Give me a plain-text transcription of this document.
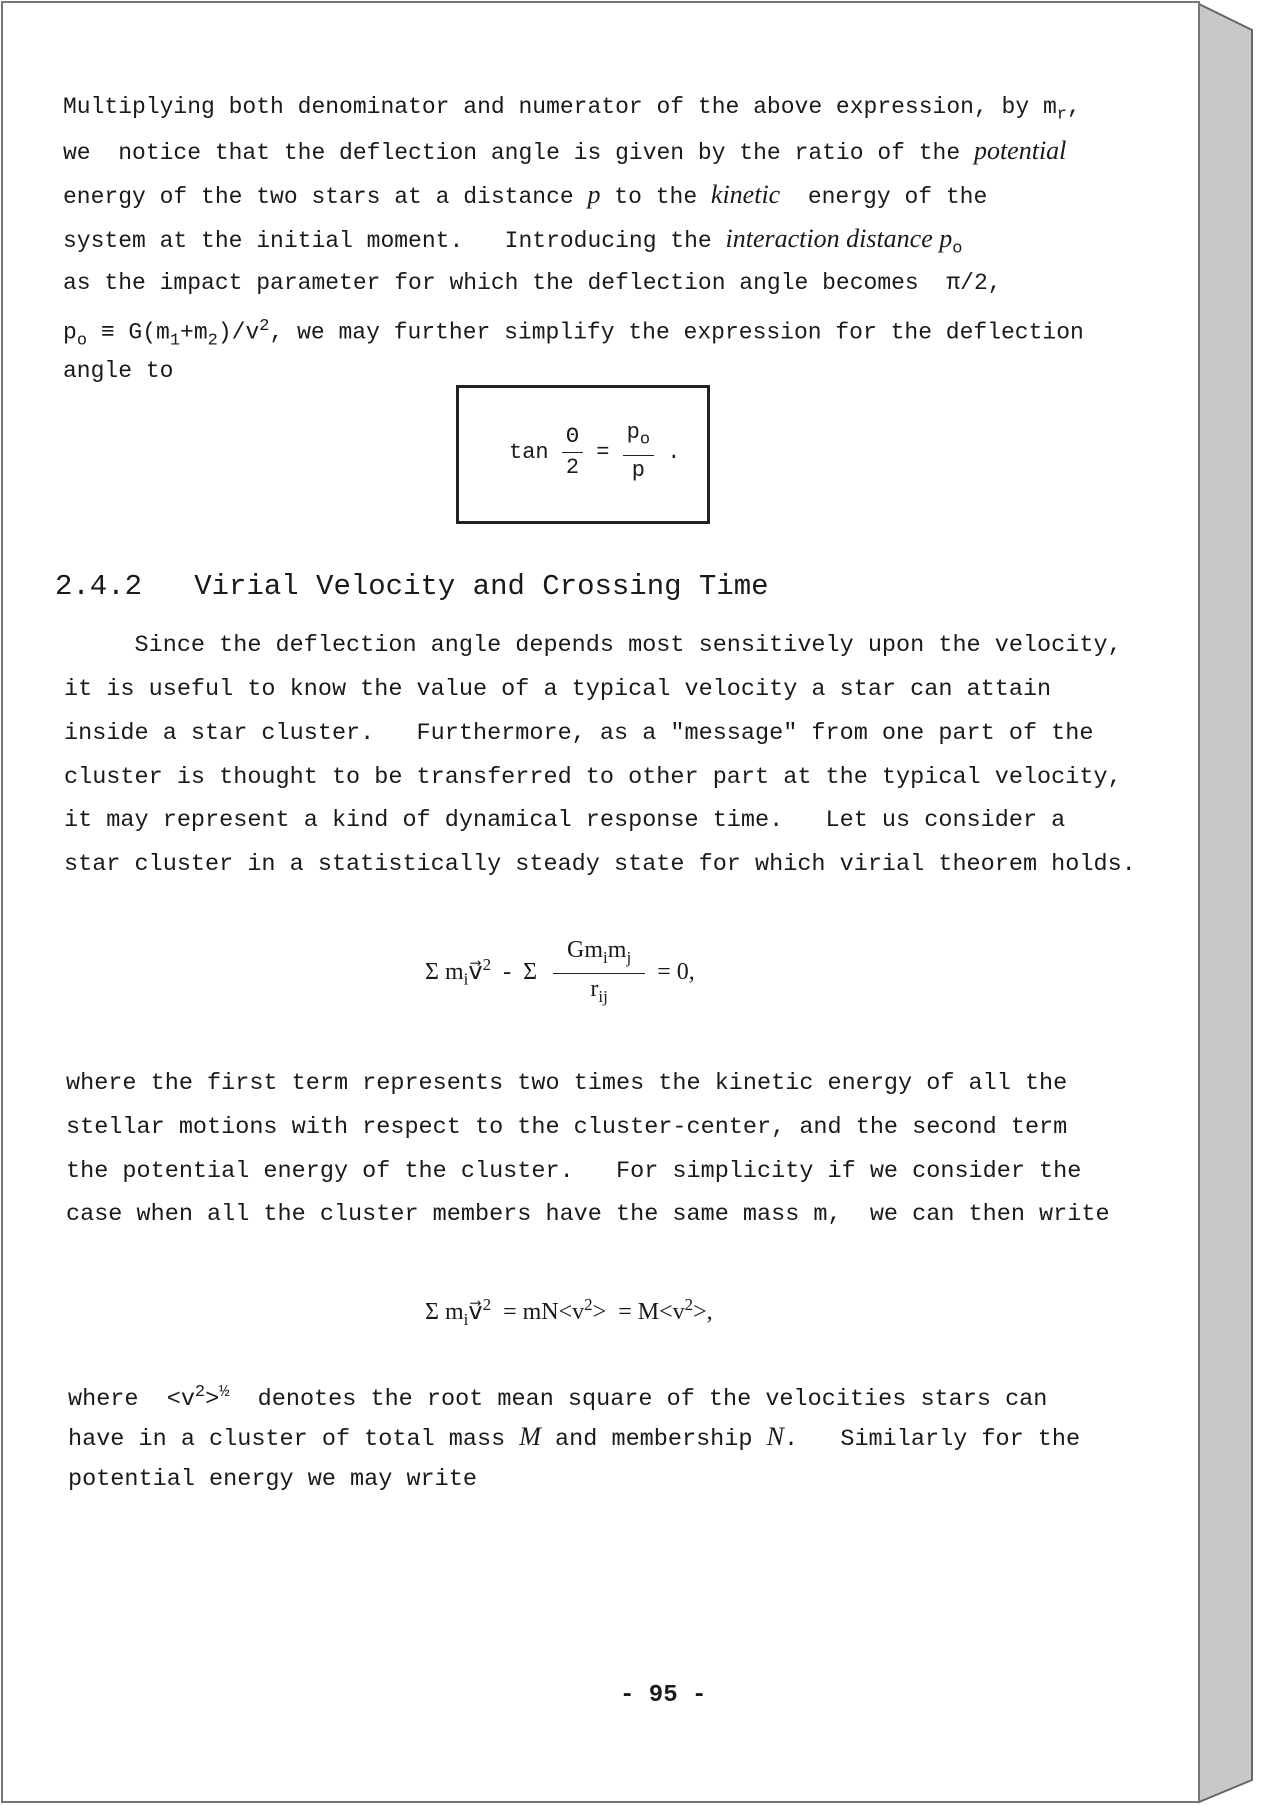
Multiplying both denominator and numerator of the above expression, by $m_r$,
we  notice that the deflection angle is given by the ratio of the potential
energy of the two stars at a distance p to the kinetic  energy of the
system at the initial moment.   Introducing the interaction distance $p_o$
as the impact parameter for which the deflection angle becomes  π/2,
$p_o \equiv G(m_1+m_2)/v^2$, we may further simplify the expression for the deflection
angle to
$\tan \frac{\Theta}{2} = \frac{p_o}{p}$ .
2.4.2 Virial Velocity and Crossing Time
Since the deflection angle depends most sensitively upon the velocity,
it is useful to know the value of a typical velocity a star can attain
inside a star cluster.   Furthermore, as a "message" from one part of the
cluster is thought to be transferred to other part at the typical velocity,
it may represent a kind of dynamical response time.   Let us consider a
star cluster in a statistically steady state for which virial theorem holds.
Σ $m_iv⃗^2 - \Sigma \frac{Gm_im_j}{r_{ij}} = 0$,
where the first term represents two times the kinetic energy of all the
stellar motions with respect to the cluster-center, and the second term
the potential energy of the cluster.   For simplicity if we consider the
case when all the cluster members have the same mass m,  we can then write
Σ $m_iv⃗^2 = mN<v^2> = M<v^2>$,
where  $<v^2>^{\frac{1}{2}}$  denotes the root mean square of the velocities stars can
have in a cluster of total mass M and membership N.   Similarly for the
potential energy we may write
- 95 -
